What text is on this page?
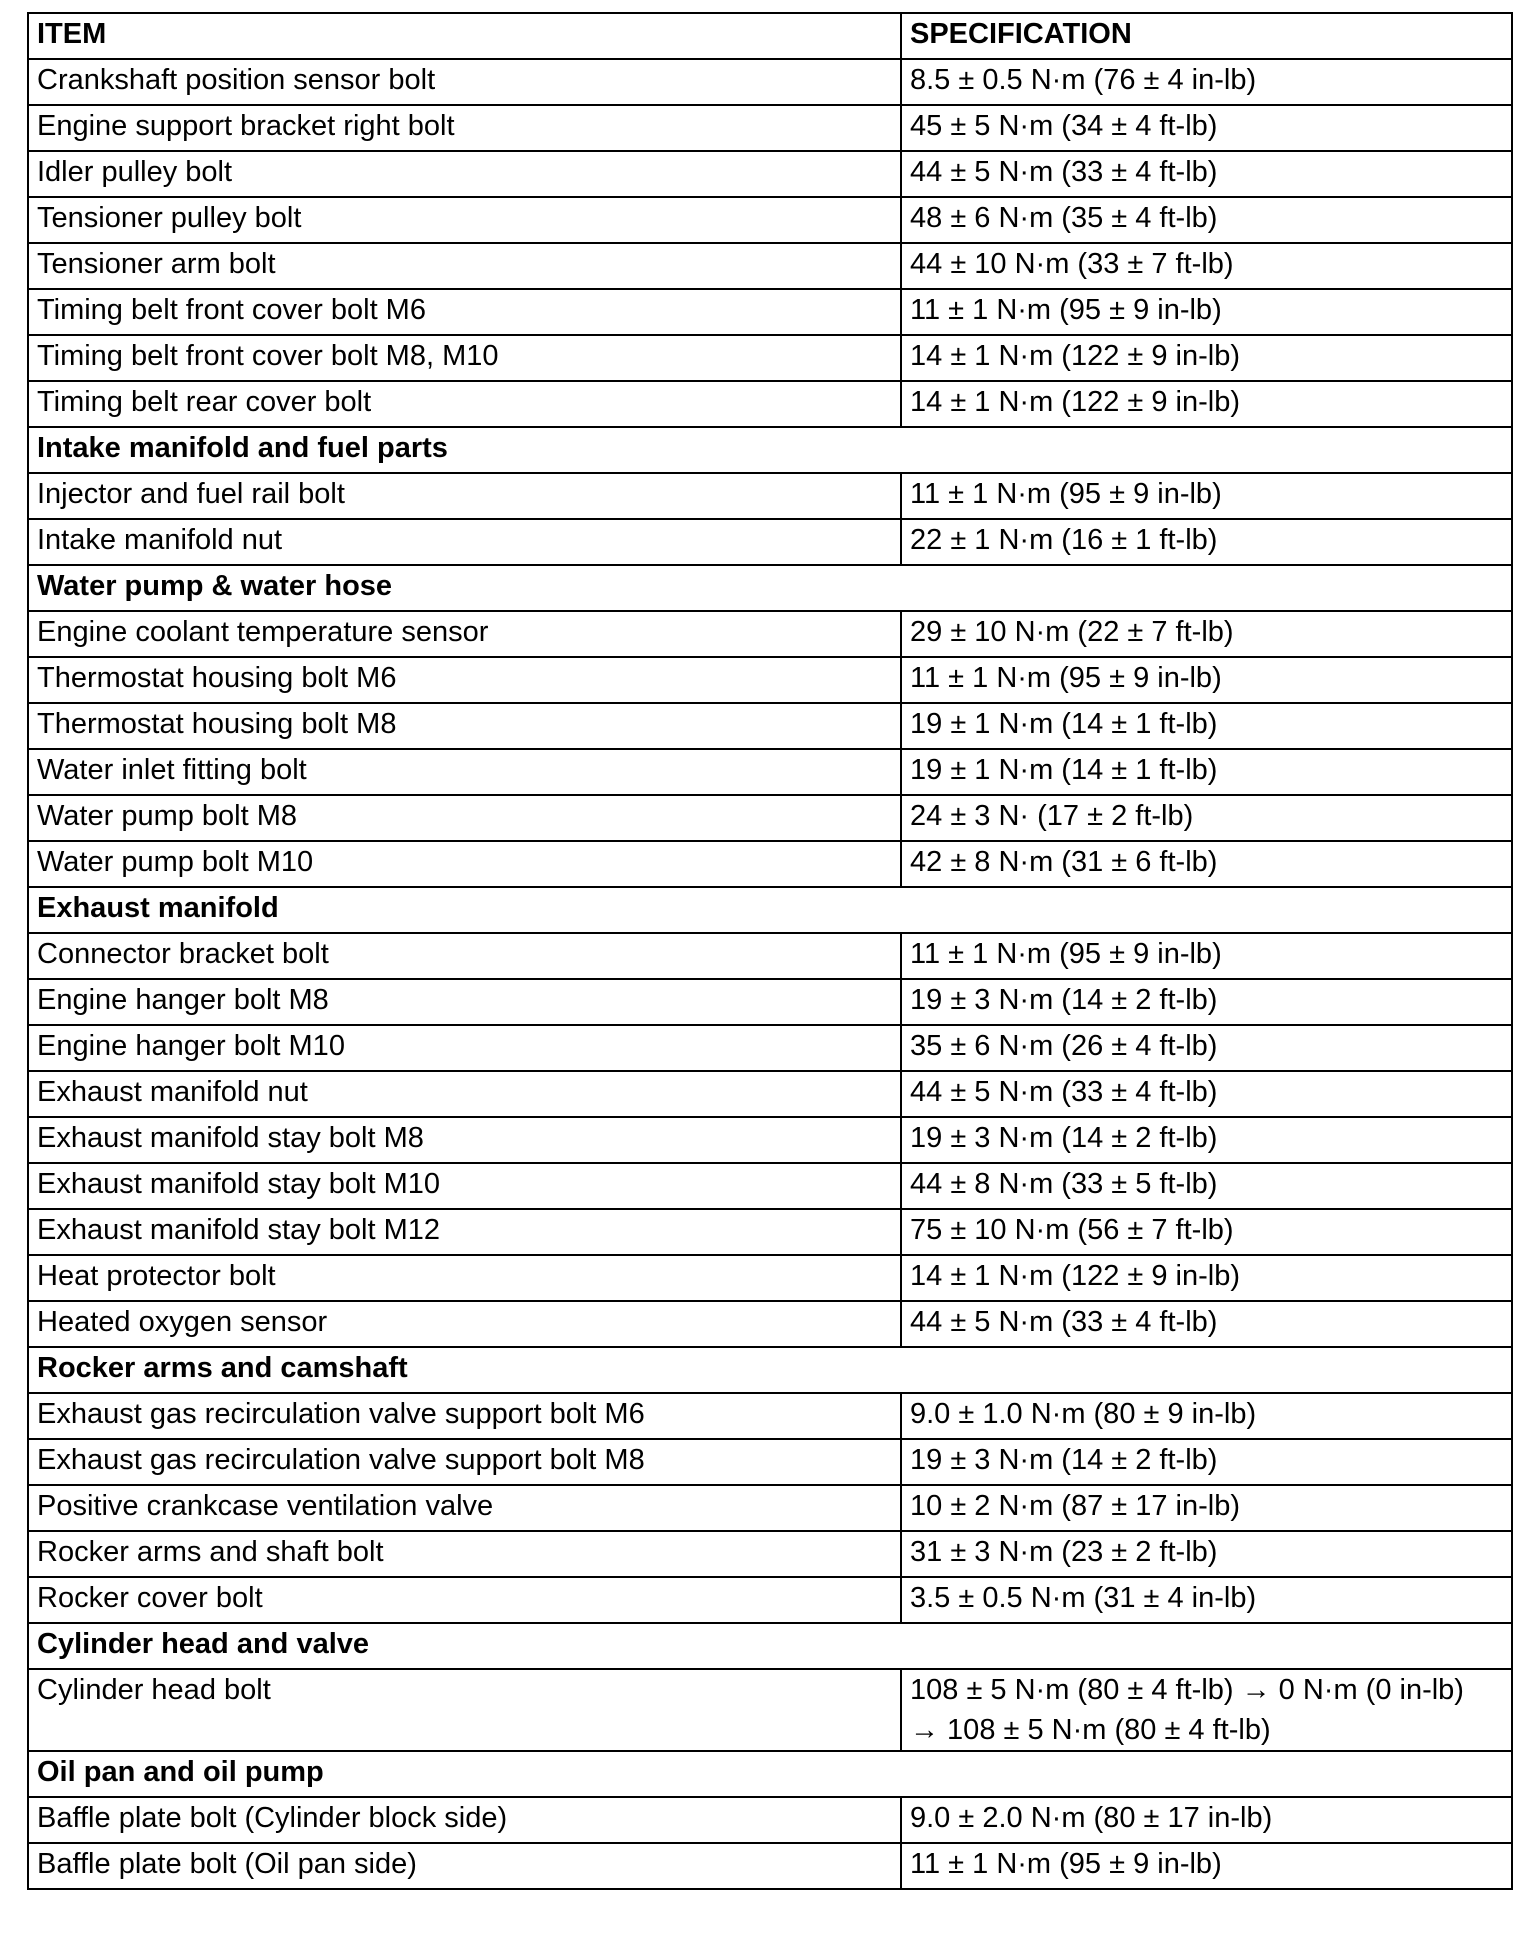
ITEM	SPECIFICATION
Crankshaft position sensor bolt	8.5 ± 0.5 N·m (76 ± 4 in-lb)
Engine support bracket right bolt	45 ± 5 N·m (34 ± 4 ft-lb)
Idler pulley bolt	44 ± 5 N·m (33 ± 4 ft-lb)
Tensioner pulley bolt	48 ± 6 N·m (35 ± 4 ft-lb)
Tensioner arm bolt	44 ± 10 N·m (33 ± 7 ft-lb)
Timing belt front cover bolt M6	11 ± 1 N·m (95 ± 9 in-lb)
Timing belt front cover bolt M8, M10	14 ± 1 N·m (122 ± 9 in-lb)
Timing belt rear cover bolt	14 ± 1 N·m (122 ± 9 in-lb)
Intake manifold and fuel parts	
Injector and fuel rail bolt	11 ± 1 N·m (95 ± 9 in-lb)
Intake manifold nut	22 ± 1 N·m (16 ± 1 ft-lb)
Water pump & water hose	
Engine coolant temperature sensor	29 ± 10 N·m (22 ± 7 ft-lb)
Thermostat housing bolt M6	11 ± 1 N·m (95 ± 9 in-lb)
Thermostat housing bolt M8	19 ± 1 N·m (14 ± 1 ft-lb)
Water inlet fitting bolt	19 ± 1 N·m (14 ± 1 ft-lb)
Water pump bolt M8	24 ± 3 N· (17 ± 2 ft-lb)
Water pump bolt M10	42 ± 8 N·m (31 ± 6 ft-lb)
Exhaust manifold	
Connector bracket bolt	11 ± 1 N·m (95 ± 9 in-lb)
Engine hanger bolt M8	19 ± 3 N·m (14 ± 2 ft-lb)
Engine hanger bolt M10	35 ± 6 N·m (26 ± 4 ft-lb)
Exhaust manifold nut	44 ± 5 N·m (33 ± 4 ft-lb)
Exhaust manifold stay bolt M8	19 ± 3 N·m (14 ± 2 ft-lb)
Exhaust manifold stay bolt M10	44 ± 8 N·m (33 ± 5 ft-lb)
Exhaust manifold stay bolt M12	75 ± 10 N·m (56 ± 7 ft-lb)
Heat protector bolt	14 ± 1 N·m (122 ± 9 in-lb)
Heated oxygen sensor	44 ± 5 N·m (33 ± 4 ft-lb)
Rocker arms and camshaft	
Exhaust gas recirculation valve support bolt M6	9.0 ± 1.0 N·m (80 ± 9 in-lb)
Exhaust gas recirculation valve support bolt M8	19 ± 3 N·m (14 ± 2 ft-lb)
Positive crankcase ventilation valve	10 ± 2 N·m (87 ± 17 in-lb)
Rocker arms and shaft bolt	31 ± 3 N·m (23 ± 2 ft-lb)
Rocker cover bolt	3.5 ± 0.5 N·m (31 ± 4 in-lb)
Cylinder head and valve	
Cylinder head bolt	108 ± 5 N·m (80 ± 4 ft-lb) → 0 N·m (0 in-lb)
→ 108 ± 5 N·m (80 ± 4 ft-lb)

Oil pan and oil pump	
Baffle plate bolt (Cylinder block side)	9.0 ± 2.0 N·m (80 ± 17 in-lb)
Baffle plate bolt (Oil pan side)	11 ± 1 N·m (95 ± 9 in-lb)
